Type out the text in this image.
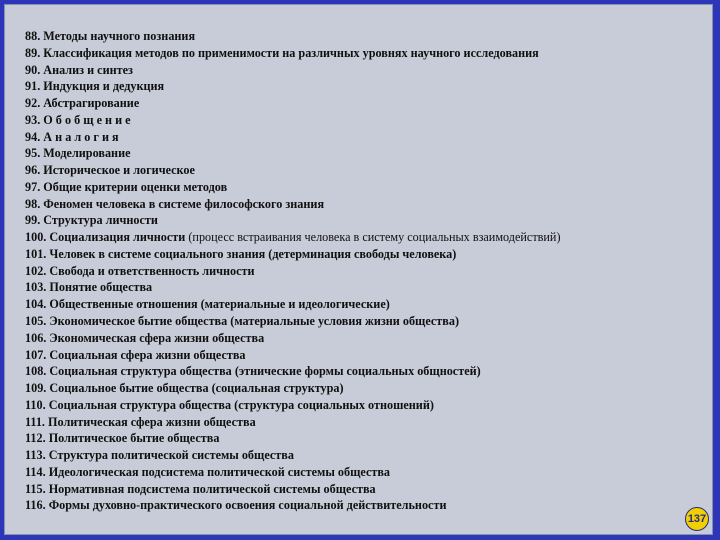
88. Методы научного познания
89. Классификация методов по применимости на различных уровнях научного исследования
90. Анализ и синтез
91. Индукция и дедукция
92. Абстрагирование
93. О б о б щ е н и е
94. А н а л о г и я
95. Моделирование
96. Историческое и логическое
97. Общие критерии оценки методов
98. Феномен человека в системе философского знания
99. Структура личности
100. Социализация личности (процесс встраивания человека в систему социальных взаимодействий)
101. Человек в системе социального знания (детерминация свободы человека)
102. Свобода и ответственность личности
103. Понятие общества
104. Общественные отношения (материальные и идеологические)
105. Экономическое бытие общества (материальные условия жизни общества)
106. Экономическая сфера жизни общества
107. Социальная сфера жизни общества
108. Социальная структура общества (этнические формы социальных общностей)
109. Социальное бытие общества (социальная структура)
110. Социальная структура общества (структура социальных отношений)
111. Политическая сфера жизни общества
112. Политическое бытие общества
113. Структура политической системы общества
114. Идеологическая подсистема политической системы общества
115. Нормативная подсистема политической системы общества
116. Формы духовно-практического освоения социальной действительности
137
